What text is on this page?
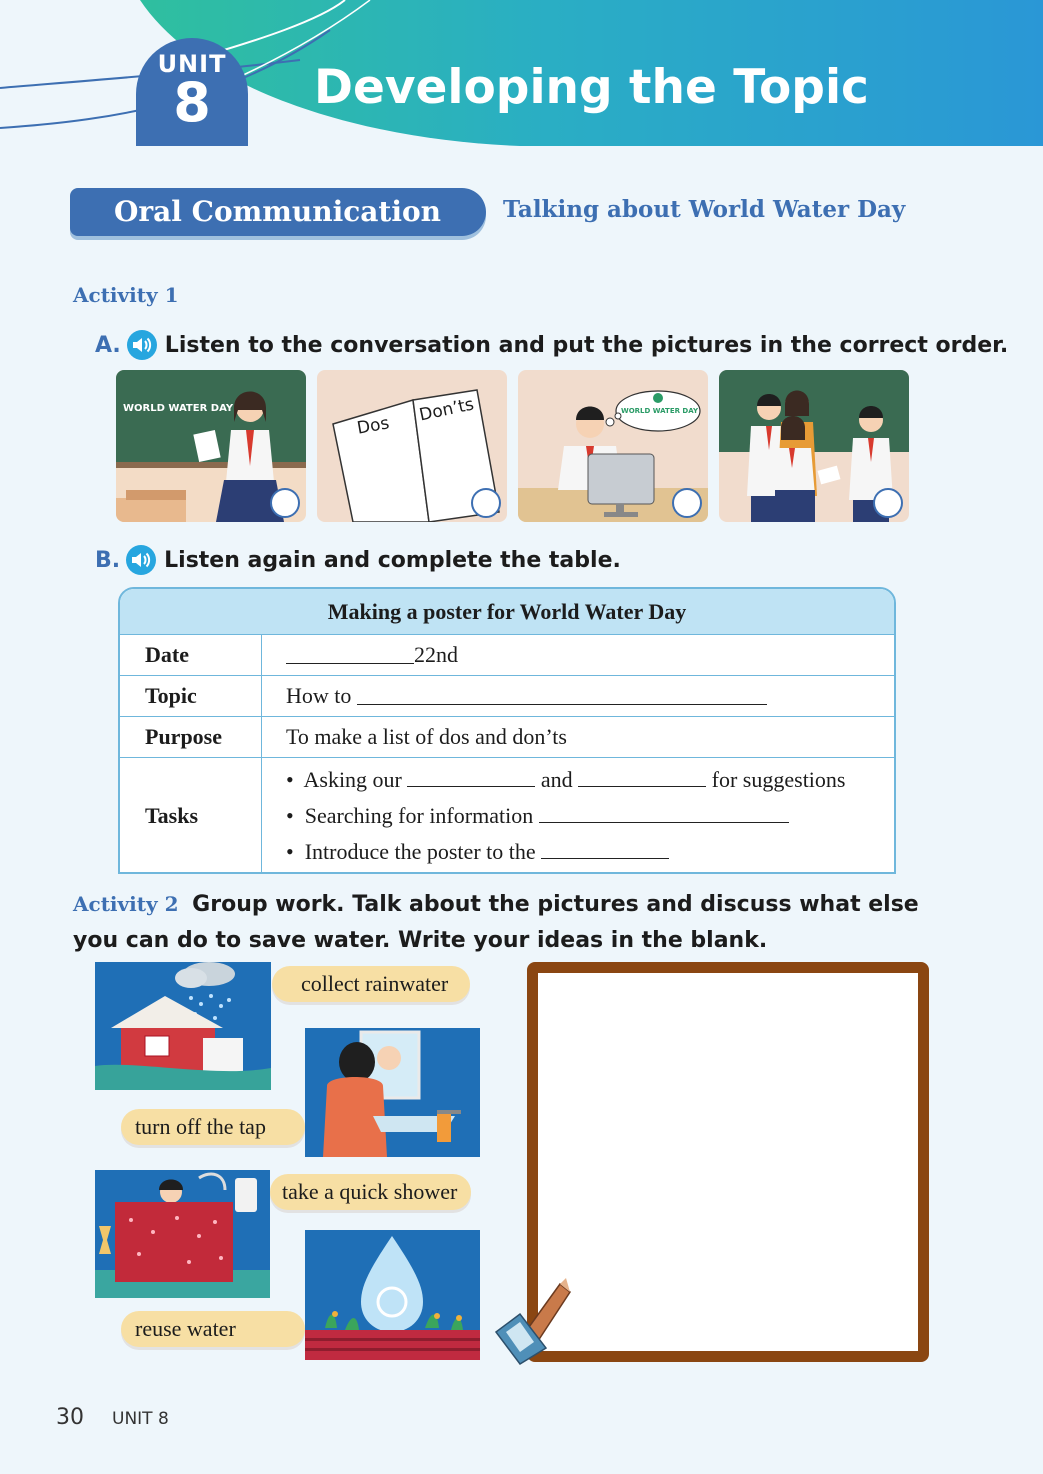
UNIT
8	Developing the Topic
Oral Communication	Talking about World Water Day
Activity 1
A. Listen to the conversation and put the pictures in the correct order.
WORLD WATER DAY
Dos
Don’ts	WORLD WATER DAY
B. Listen again and complete the table.
Making a poster for World Water Day
Date	22nd
Topic	How to
Purpose	To make a list of dos and don’ts
Tasks
•  Asking our	and	for suggestions
•  Searching for information
•  Introduce the poster to the
Activity 2 Group work. Talk about the pictures and discuss what else you can do to save water. Write your ideas in the blank.
collect rainwater
turn off the tap
take a quick shower
reuse water
30 UNIT 8
